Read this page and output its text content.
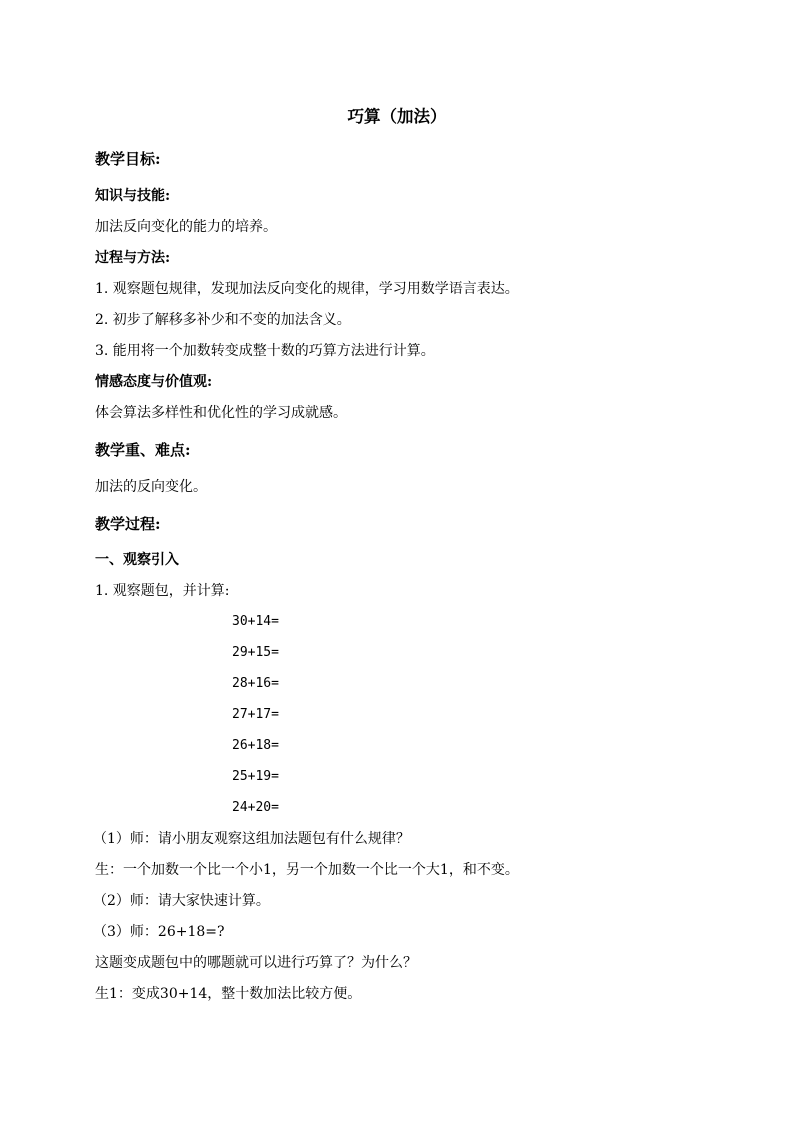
巧算（加法）
教学目标:
知识与技能:
加法反向变化的能力的培养。
过程与方法:
1. 观察题包规律，发现加法反向变化的规律，学习用数学语言表达。
2. 初步了解移多补少和不变的加法含义。
3. 能用将一个加数转变成整十数的巧算方法进行计算。
情感态度与价值观:
体会算法多样性和优化性的学习成就感。
教学重、难点:
加法的反向变化。
教学过程:
一、观察引入
1. 观察题包，并计算:
30+14=
29+15=
28+16=
27+17=
26+18=
25+19=
24+20=
（1）师：请小朋友观察这组加法题包有什么规律？
生：一个加数一个比一个小1，另一个加数一个比一个大1，和不变。
（2）师：请大家快速计算。
（3）师：26+18=?
这题变成题包中的哪题就可以进行巧算了？为什么？
生1：变成30+14，整十数加法比较方便。
